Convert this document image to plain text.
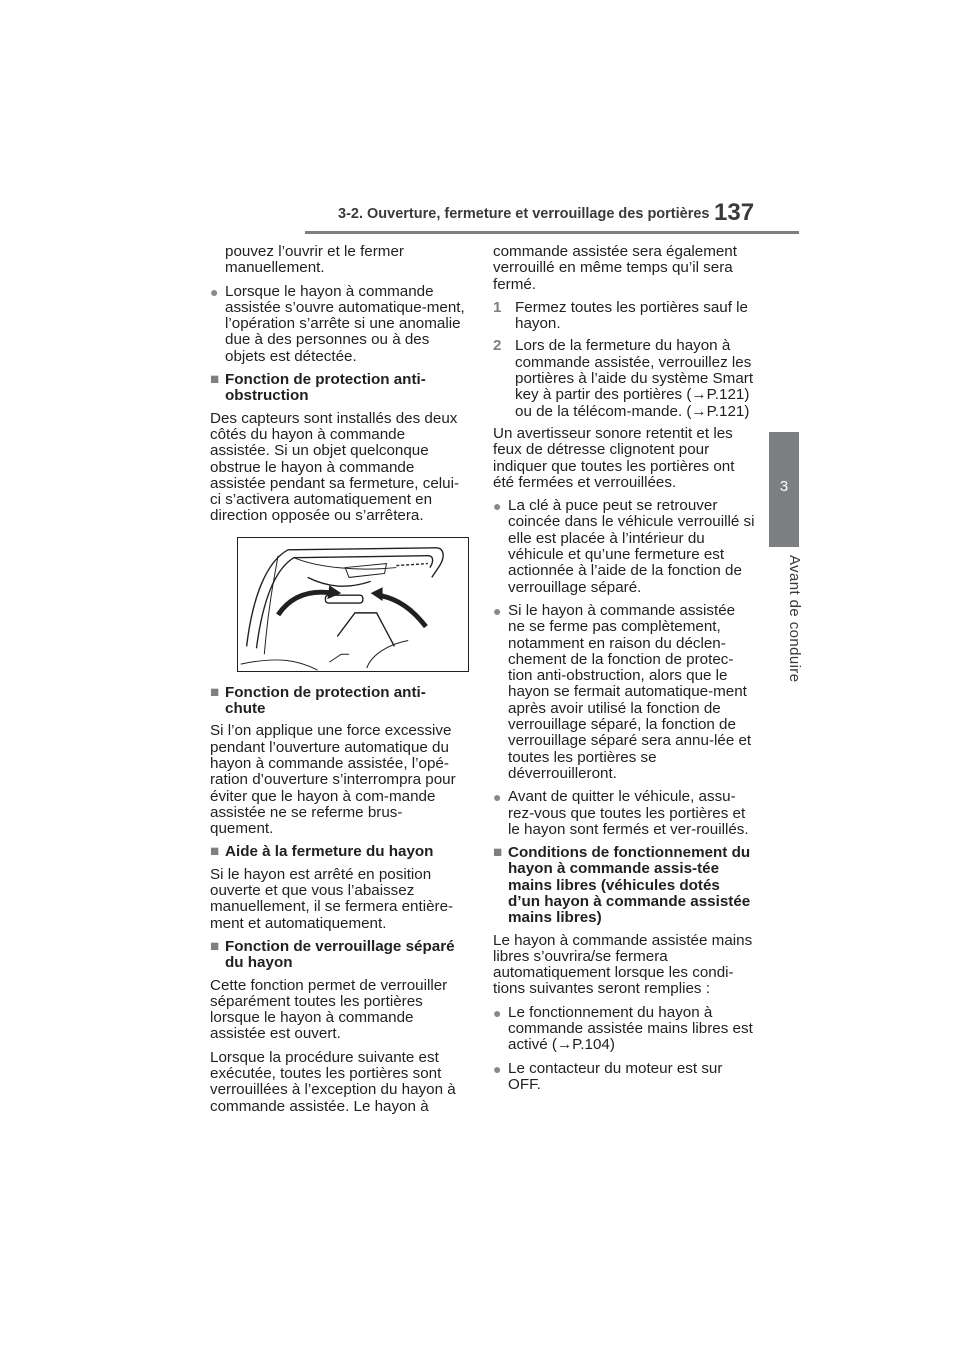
3-2. Ouverture, fermeture et verrouillage des portières 137
3
Avant de conduire

pouvez l’ouvrir et le fermer manuellement.

● Lorsque le hayon à commande assistée s’ouvre automatique-ment, l’opération s’arrête si une anomalie due à des personnes ou à des objets est détectée.
■ Fonction de protection anti-obstruction

Des capteurs sont installés des deux côtés du hayon à commande assistée. Si un objet quelconque obstrue le hayon à commande assistée pendant sa fermeture, celui-ci s’activera automatiquement en direction opposée ou s’arrêtera.

■ Fonction de protection anti-chute

Si l’on applique une force excessive pendant l’ouverture automatique du hayon à commande assistée, l’opé-ration d’ouverture s’interrompra pour éviter que le hayon à com-mande assistée ne se referme brus-quement.

■ Aide à la fermeture du hayon

Si le hayon est arrêté en position ouverte et que vous l’abaissez manuellement, il se fermera entière-ment et automatiquement.

■ Fonction de verrouillage séparé du hayon

Cette fonction permet de verrouiller séparément toutes les portières lorsque le hayon à commande assistée est ouvert.

Lorsque la procédure suivante est exécutée, toutes les portières sont verrouillées à l’exception du hayon à commande assistée. Le hayon à

commande assistée sera également verrouillé en même temps qu’il sera fermé.

1 Fermez toutes les portières sauf le hayon.
2 Lors de la fermeture du hayon à commande assistée, verrouillez les portières à l’aide du système Smart key à partir des portières (→P.121) ou de la télécom-mande. (→P.121)

Un avertisseur sonore retentit et les feux de détresse clignotent pour indiquer que toutes les portières ont été fermées et verrouillées.

● La clé à puce peut se retrouver coincée dans le véhicule verrouillé si elle est placée à l’intérieur du véhicule et qu’une fermeture est actionnée à l’aide de la fonction de verrouillage séparé.
● Si le hayon à commande assistée ne se ferme pas complètement, notamment en raison du déclen-chement de la fonction de protec-tion anti-obstruction, alors que le hayon se fermait automatique-ment après avoir utilisé la fonction de verrouillage séparé, la fonction de verrouillage séparé sera annu-lée et toutes les portières se déverrouilleront.
● Avant de quitter le véhicule, assu-rez-vous que toutes les portières et le hayon sont fermés et ver-rouillés.
■ Conditions de fonctionnement du hayon à commande assis-tée mains libres (véhicules dotés d’un hayon à commande assistée mains libres)

Le hayon à commande assistée mains libres s’ouvrira/se fermera automatiquement lorsque les condi-tions suivantes seront remplies :

● Le fonctionnement du hayon à commande assistée mains libres est activé (→P.104)
● Le contacteur du moteur est sur OFF.
